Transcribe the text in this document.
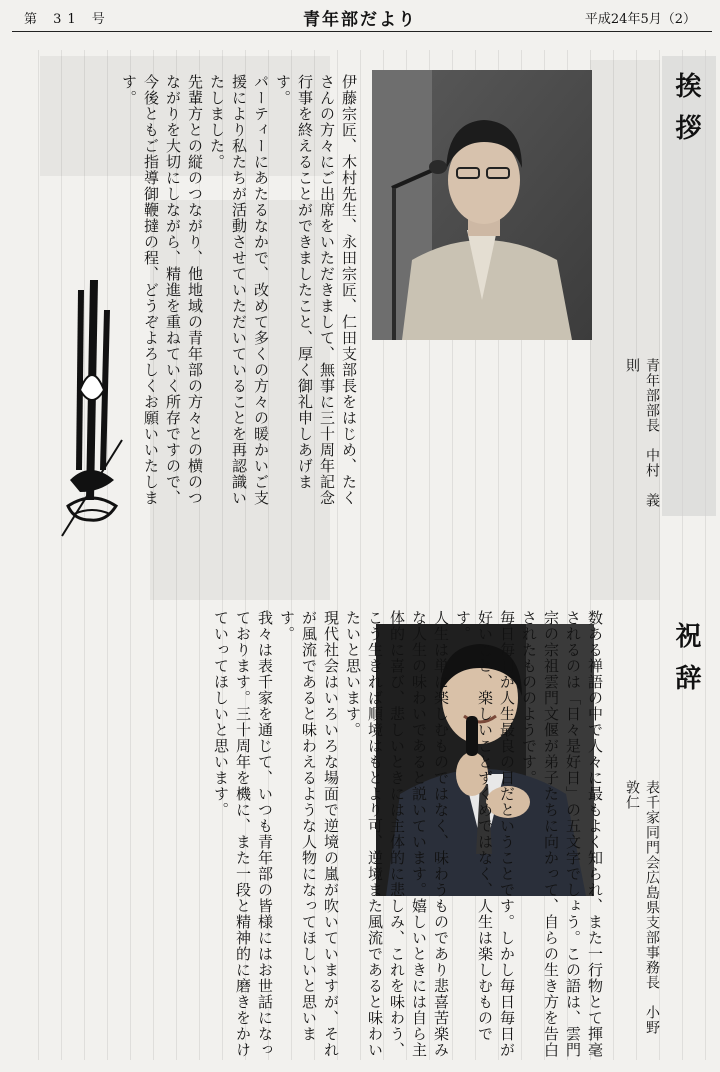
第 31 号	青年部だより	平成24年5月（2）
挨拶
青年部部長　中村　義則
伊藤宗匠、木村先生、永田宗匠、仁田支部長をはじめ、たくさんの方々にご出席をいただきまして、無事に三十周年記念行事を終えることができましたこと、厚く御礼申しあげます。
パーティーにあたるなかで、改めて多くの方々の暖かいご支援により私たちが活動させていただいていることを再認識いたしました。
先輩方との縦のつながり、他地域の青年部の方々との横のつながりを大切にしながら、精進を重ねていく所存ですので、今後ともご指導御鞭撻の程、どうぞよろしくお願いいたします。
祝辞
表千家同門会広島県支部事務長　小野　敦仁
数ある禅語の中で人々に最もよく知られ、また一行物とて揮毫されるのは「日々是好日」の五文字でしょう。この語は、雲門宗の宗祖雲門文偃が弟子たちに向かって、自らの生き方を告白されたもののようです。
毎日毎日が人生最良の日だということです。しかし毎日毎日が好いこと、楽しいことずくめではなく、人生は楽しむものです。
人生は単に楽しむものではなく、味わうものであり悲喜苦楽みな人生の味わいであると説いています。嬉しいときには自ら主体的に喜び、悲しいときには主体的に悲しみ、これを味わう、こう生きれば順境はもとより可、逆境また風流であると味わいたいと思います。
現代社会はいろいろな場面で逆境の嵐が吹いていますが、それが風流であると味わえるような人物になってほしいと思います。
我々は表千家を通じて、いつも青年部の皆様にはお世話になっております。三十周年を機に、また一段と精神的に磨きをかけていってほしいと思います。
